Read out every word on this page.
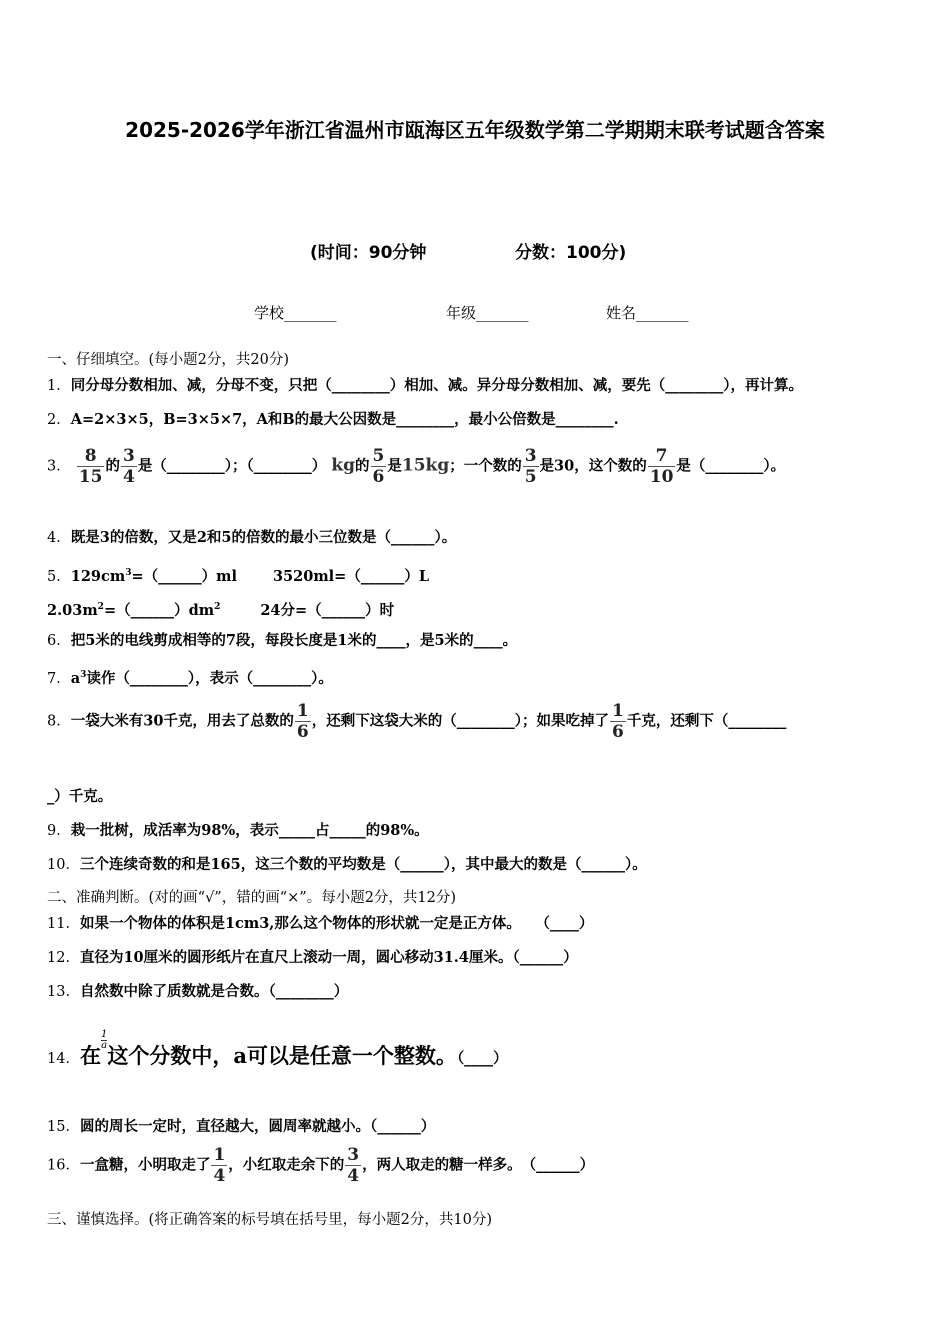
2025-2026学年浙江省温州市瓯海区五年级数学第二学期期末联考试题含答案
(时间：90分钟	分数：100分)
学校_______	年级_______	姓名_______
一、仔细填空。(每小题2分，共20分)
1．同分母分数相加、减，分母不变，只把（________）相加、减。异分母分数相加、减，要先（________），再计算。
2．A=2×3×5，B=3×5×7，A和B的最大公因数是________，最小公倍数是________.
3． $\frac{8}{15}$ 的 $\frac{3}{4}$ 是（________）；（________） kg的 $\frac{5}{6}$ 是15kg；一个数的 $\frac{3}{5}$ 是30，这个数的 $\frac{7}{10}$ 是（________）。
4．既是3的倍数，又是2和5的倍数的最小三位数是（______）。
5．$129cm^3=(\_\_\_\_\_\_)ml$ 3520ml=（______）L
$2.03m^2=(\_\_\_\_\_\_)dm^2$	24分=（______）时
6．把5米的电线剪成相等的7段，每段长度是1米的____，是5米的____。
7．$a^3$读作（________），表示（________）。
8．一袋大米有30千克，用去了总数的 $\frac{1}{6}$ ，还剩下这袋大米的（________）；如果吃掉了 $\frac{1}{6}$ 千克，还剩下（________
_）千克。
9．栽一批树，成活率为98%，表示_____占_____的98%。
10．三个连续奇数的和是165，这三个数的平均数是（______），其中最大的数是（______）。
二、准确判断。(对的画“√”，错的画“×”。每小题2分，共12分)
11．如果一个物体的体积是1cm3,那么这个物体的形状就一定是正方体。　　（____）
12．直径为10厘米的圆形纸片在直尺上滚动一周，圆心移动31.4厘米。（______）
13．自然数中除了质数就是合数。（________）
14．在
$\frac{1}{a}$这个分数中，a可以是任意一个整数。（____）
15．圆的周长一定时，直径越大，圆周率就越小。（______）
16．一盒糖，小明取走了 $\frac{1}{4}$ ，小红取走余下的 $\frac{3}{4}$ ，两人取走的糖一样多。　（______）
三、谨慎选择。(将正确答案的标号填在括号里，每小题2分，共10分)
